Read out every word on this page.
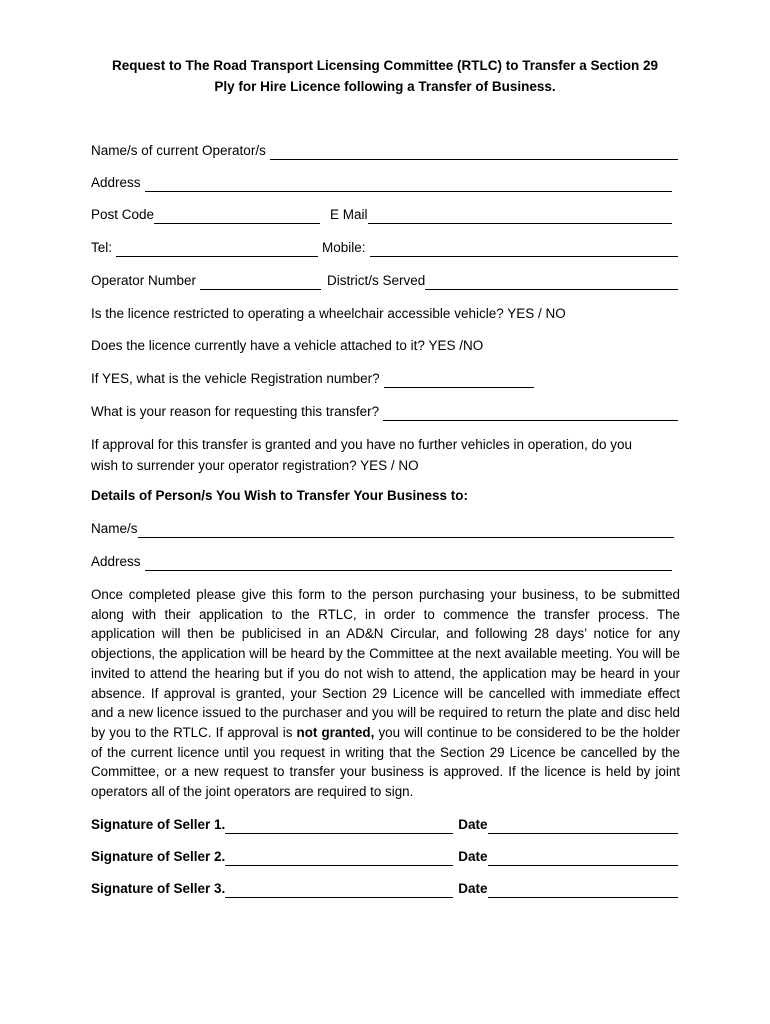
Request to The Road Transport Licensing Committee (RTLC) to Transfer a Section 29
Ply for Hire Licence following a Transfer of Business.
Name/s of current Operator/s
Address
Post Code	E Mail
Tel:	Mobile:
Operator Number	District/s Served
Is the licence restricted to operating a wheelchair accessible vehicle? YES / NO
Does the licence currently have a vehicle attached to it? YES /NO
If YES, what is the vehicle Registration number?
What is your reason for requesting this transfer?
If approval for this transfer is granted and you have no further vehicles in operation, do you
wish to surrender your operator registration? YES / NO
Details of Person/s You Wish to Transfer Your Business to:
Name/s
Address
Once completed please give this form to the person purchasing your business, to be submitted along with their application to the RTLC, in order to commence the transfer process. The application will then be publicised in an AD&N Circular, and following 28 days’ notice for any objections, the application will be heard by the Committee at the next available meeting. You will be invited to attend the hearing but if you do not wish to attend, the application may be heard in your absence. If approval is granted, your Section 29 Licence will be cancelled with immediate effect and a new licence issued to the purchaser and you will be required to return the plate and disc held by you to the RTLC. If approval is not granted, you will continue to be considered to be the holder of the current licence until you request in writing that the Section 29 Licence be cancelled by the Committee, or a new request to transfer your business is approved. If the licence is held by joint operators all of the joint operators are required to sign.
Signature of Seller 1.	Date
Signature of Seller 2.	Date
Signature of Seller 3.	Date
